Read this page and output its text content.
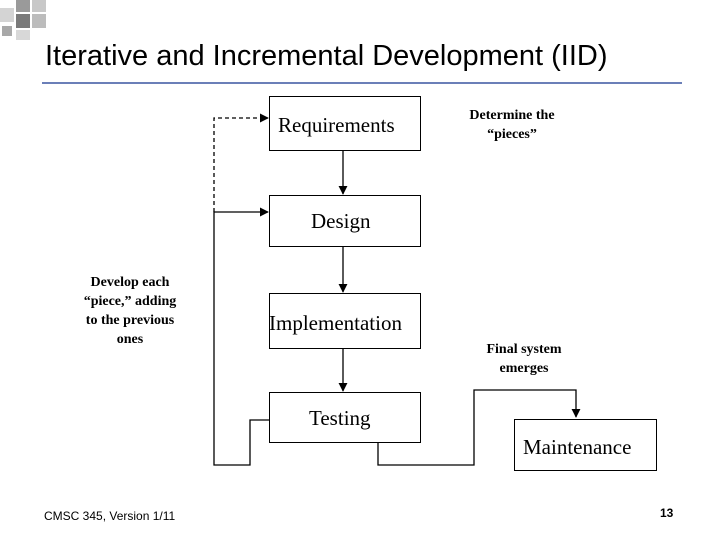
Iterative and Incremental Development (IID)
Requirements
Design
Implementation
Testing
Maintenance
Determine the
“pieces”
Develop each
“piece,” adding
to the previous
ones
Final system
emerges
CMSC 345, Version 1/11	13
